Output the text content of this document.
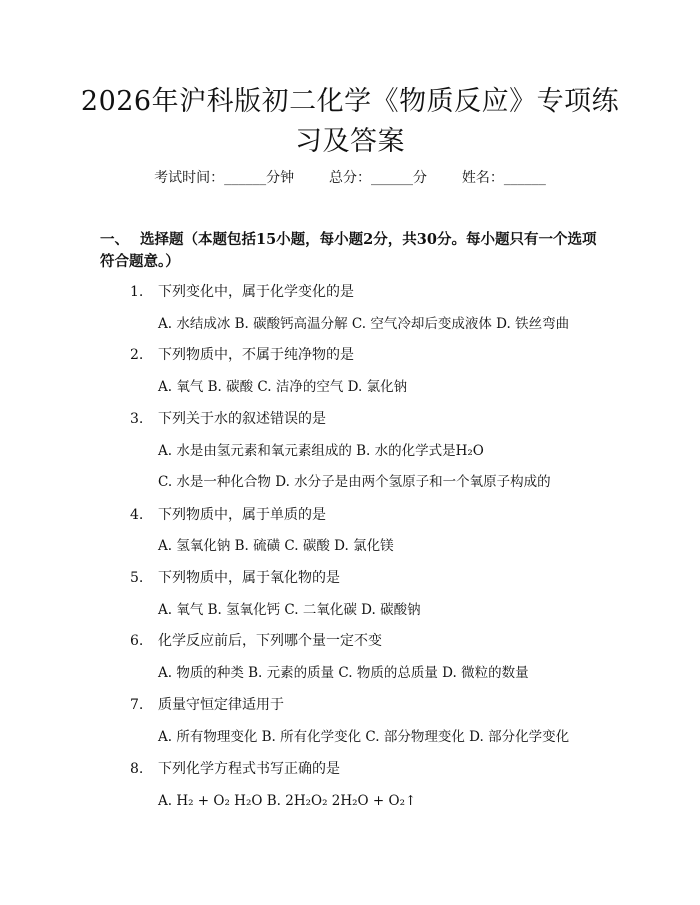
2026年沪科版初二化学《物质反应》专项练
习及答案
考试时间：______分钟 总分：______分 姓名：______
一、 选择题（本题包括15小题，每小题2分，共30分。每小题只有一个选项符合题意。）
1. 下列变化中，属于化学变化的是
A. 水结成冰 B. 碳酸钙高温分解 C. 空气冷却后变成液体 D. 铁丝弯曲
2. 下列物质中，不属于纯净物的是
A. 氧气 B. 碳酸 C. 洁净的空气 D. 氯化钠
3. 下列关于水的叙述错误的是
A. 水是由氢元素和氧元素组成的 B. 水的化学式是H₂O
C. 水是一种化合物 D. 水分子是由两个氢原子和一个氧原子构成的
4. 下列物质中，属于单质的是
A. 氢氧化钠 B. 硫磺 C. 碳酸 D. 氯化镁
5. 下列物质中，属于氧化物的是
A. 氧气 B. 氢氧化钙 C. 二氧化碳 D. 碳酸钠
6. 化学反应前后，下列哪个量一定不变
A. 物质的种类 B. 元素的质量 C. 物质的总质量 D. 微粒的数量
7. 质量守恒定律适用于
A. 所有物理变化 B. 所有化学变化 C. 部分物理变化 D. 部分化学变化
8. 下列化学方程式书写正确的是
A. H₂ + O₂ H₂O B. 2H₂O₂ 2H₂O + O₂↑
